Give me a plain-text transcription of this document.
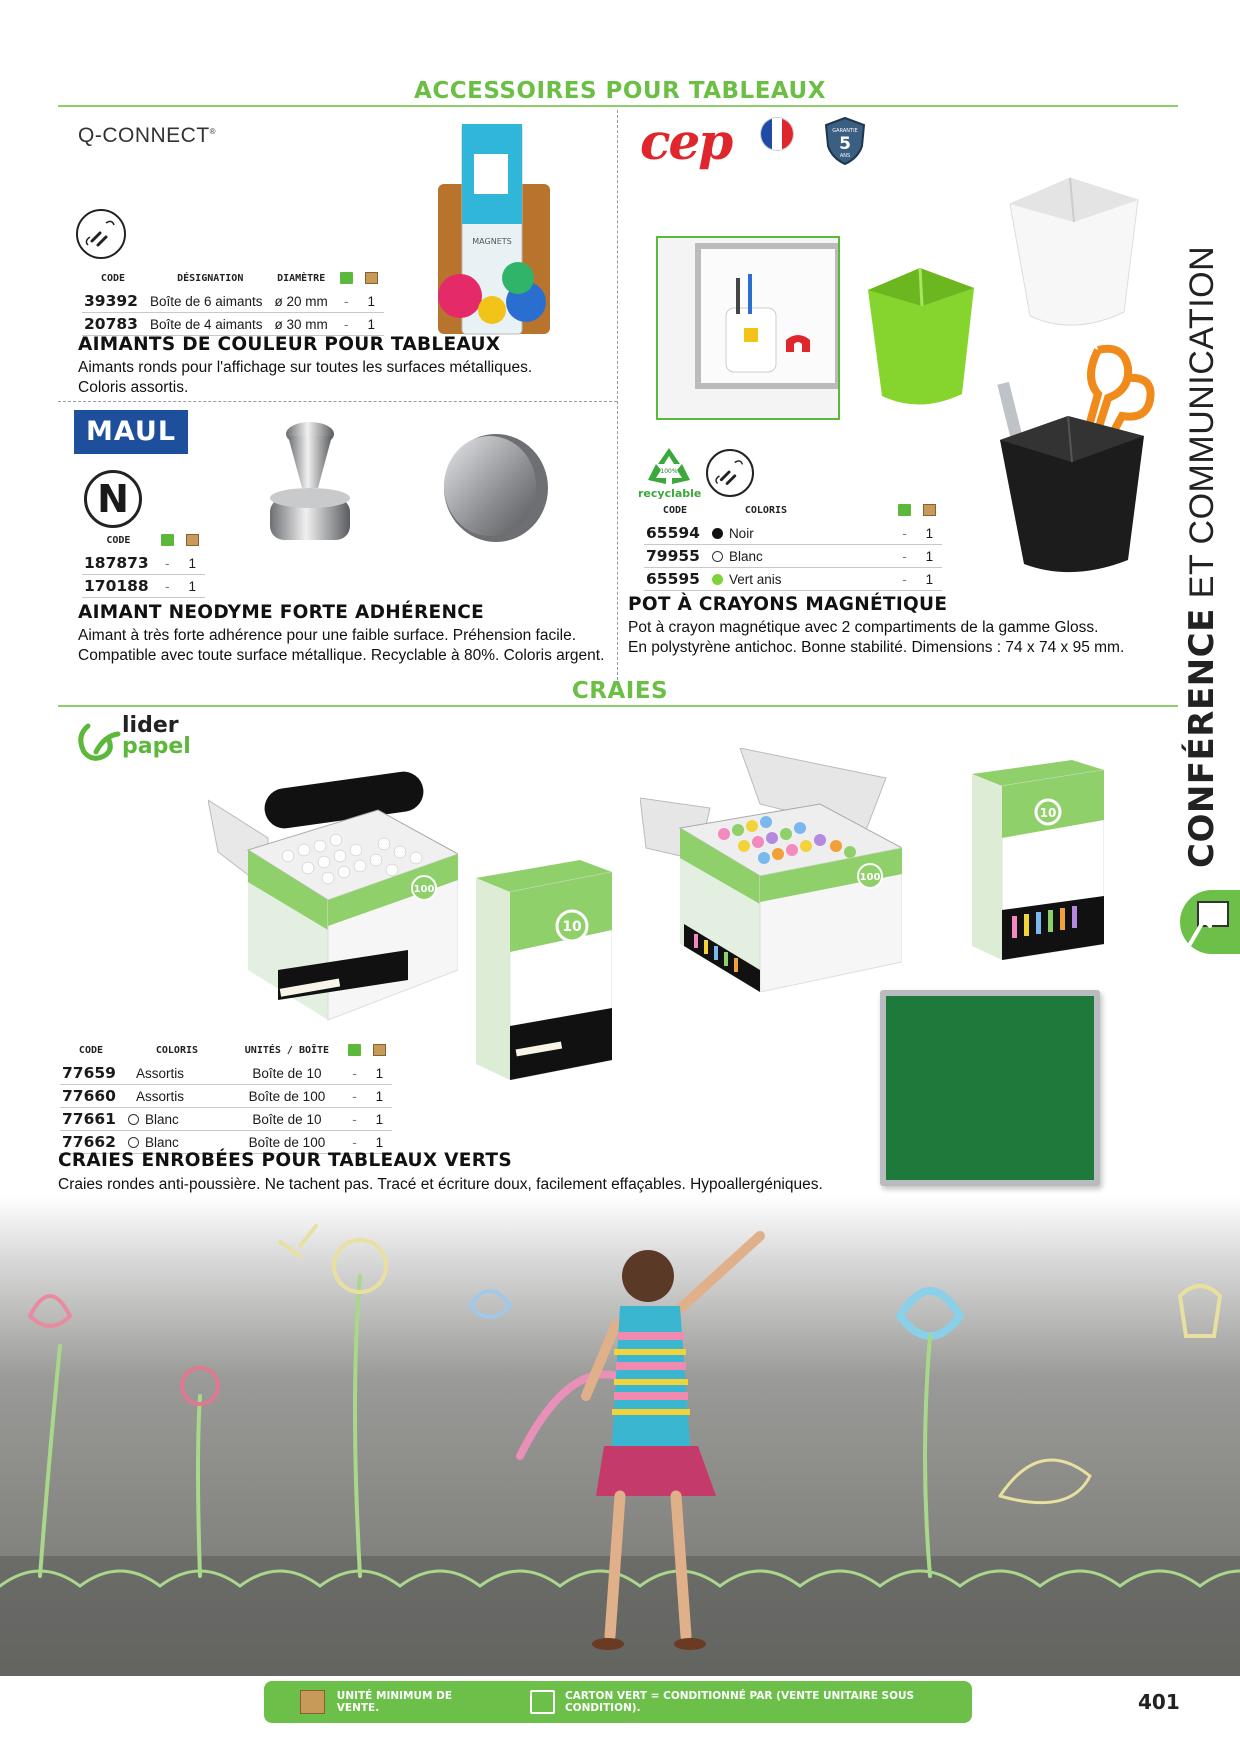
ACCESSOIRES POUR TABLEAUX
Q-CONNECT®
CODE	DÉSIGNATION	DIAMÈTRE		
39392	Boîte de 6 aimants	ø 20 mm	-	1
20783	Boîte de 4 aimants	ø 30 mm	-	1
MAGNETS
AIMANTS DE COULEUR POUR TABLEAUX
Aimants ronds pour l'affichage sur toutes les surfaces métalliques.
Coloris assortis.
MAUL
N
CODE		
187873	-	1
170188	-	1
AIMANT NEODYME FORTE ADHÉRENCE
Aimant à très forte adhérence pour une faible surface. Préhension facile.
Compatible avec toute surface métallique. Recyclable à 80%. Coloris argent.
cep	GARANTIE
5
ANS
100%
recyclable
CODE	COLORIS			
65594	Noir		-	1
79955	Blanc		-	1
65595	Vert anis		-	1
POT À CRAYONS MAGNÉTIQUE
Pot à crayon magnétique avec 2 compartiments de la gamme Gloss.
En polystyrène antichoc. Bonne stabilité. Dimensions : 74 x 74 x 95 mm.
CRAIES
lider
papel
100
10
100
10
CODE	COLORIS	UNITÉS / BOÎTE		
77659	Assortis	Boîte de 10	-	1
77660	Assortis	Boîte de 100	-	1
77661	Blanc	Boîte de 10	-	1
77662	Blanc	Boîte de 100	-	1
CRAIES ENROBÉES POUR TABLEAUX VERTS
Craies rondes anti-poussière. Ne tachent pas. Tracé et écriture doux, facilement effaçables. Hypoallergéniques.
CONFÉRENCE ET COMMUNICATION
UNITÉ MINIMUM DE VENTE.
CARTON VERT = CONDITIONNÉ PAR (VENTE UNITAIRE SOUS CONDITION).	401
